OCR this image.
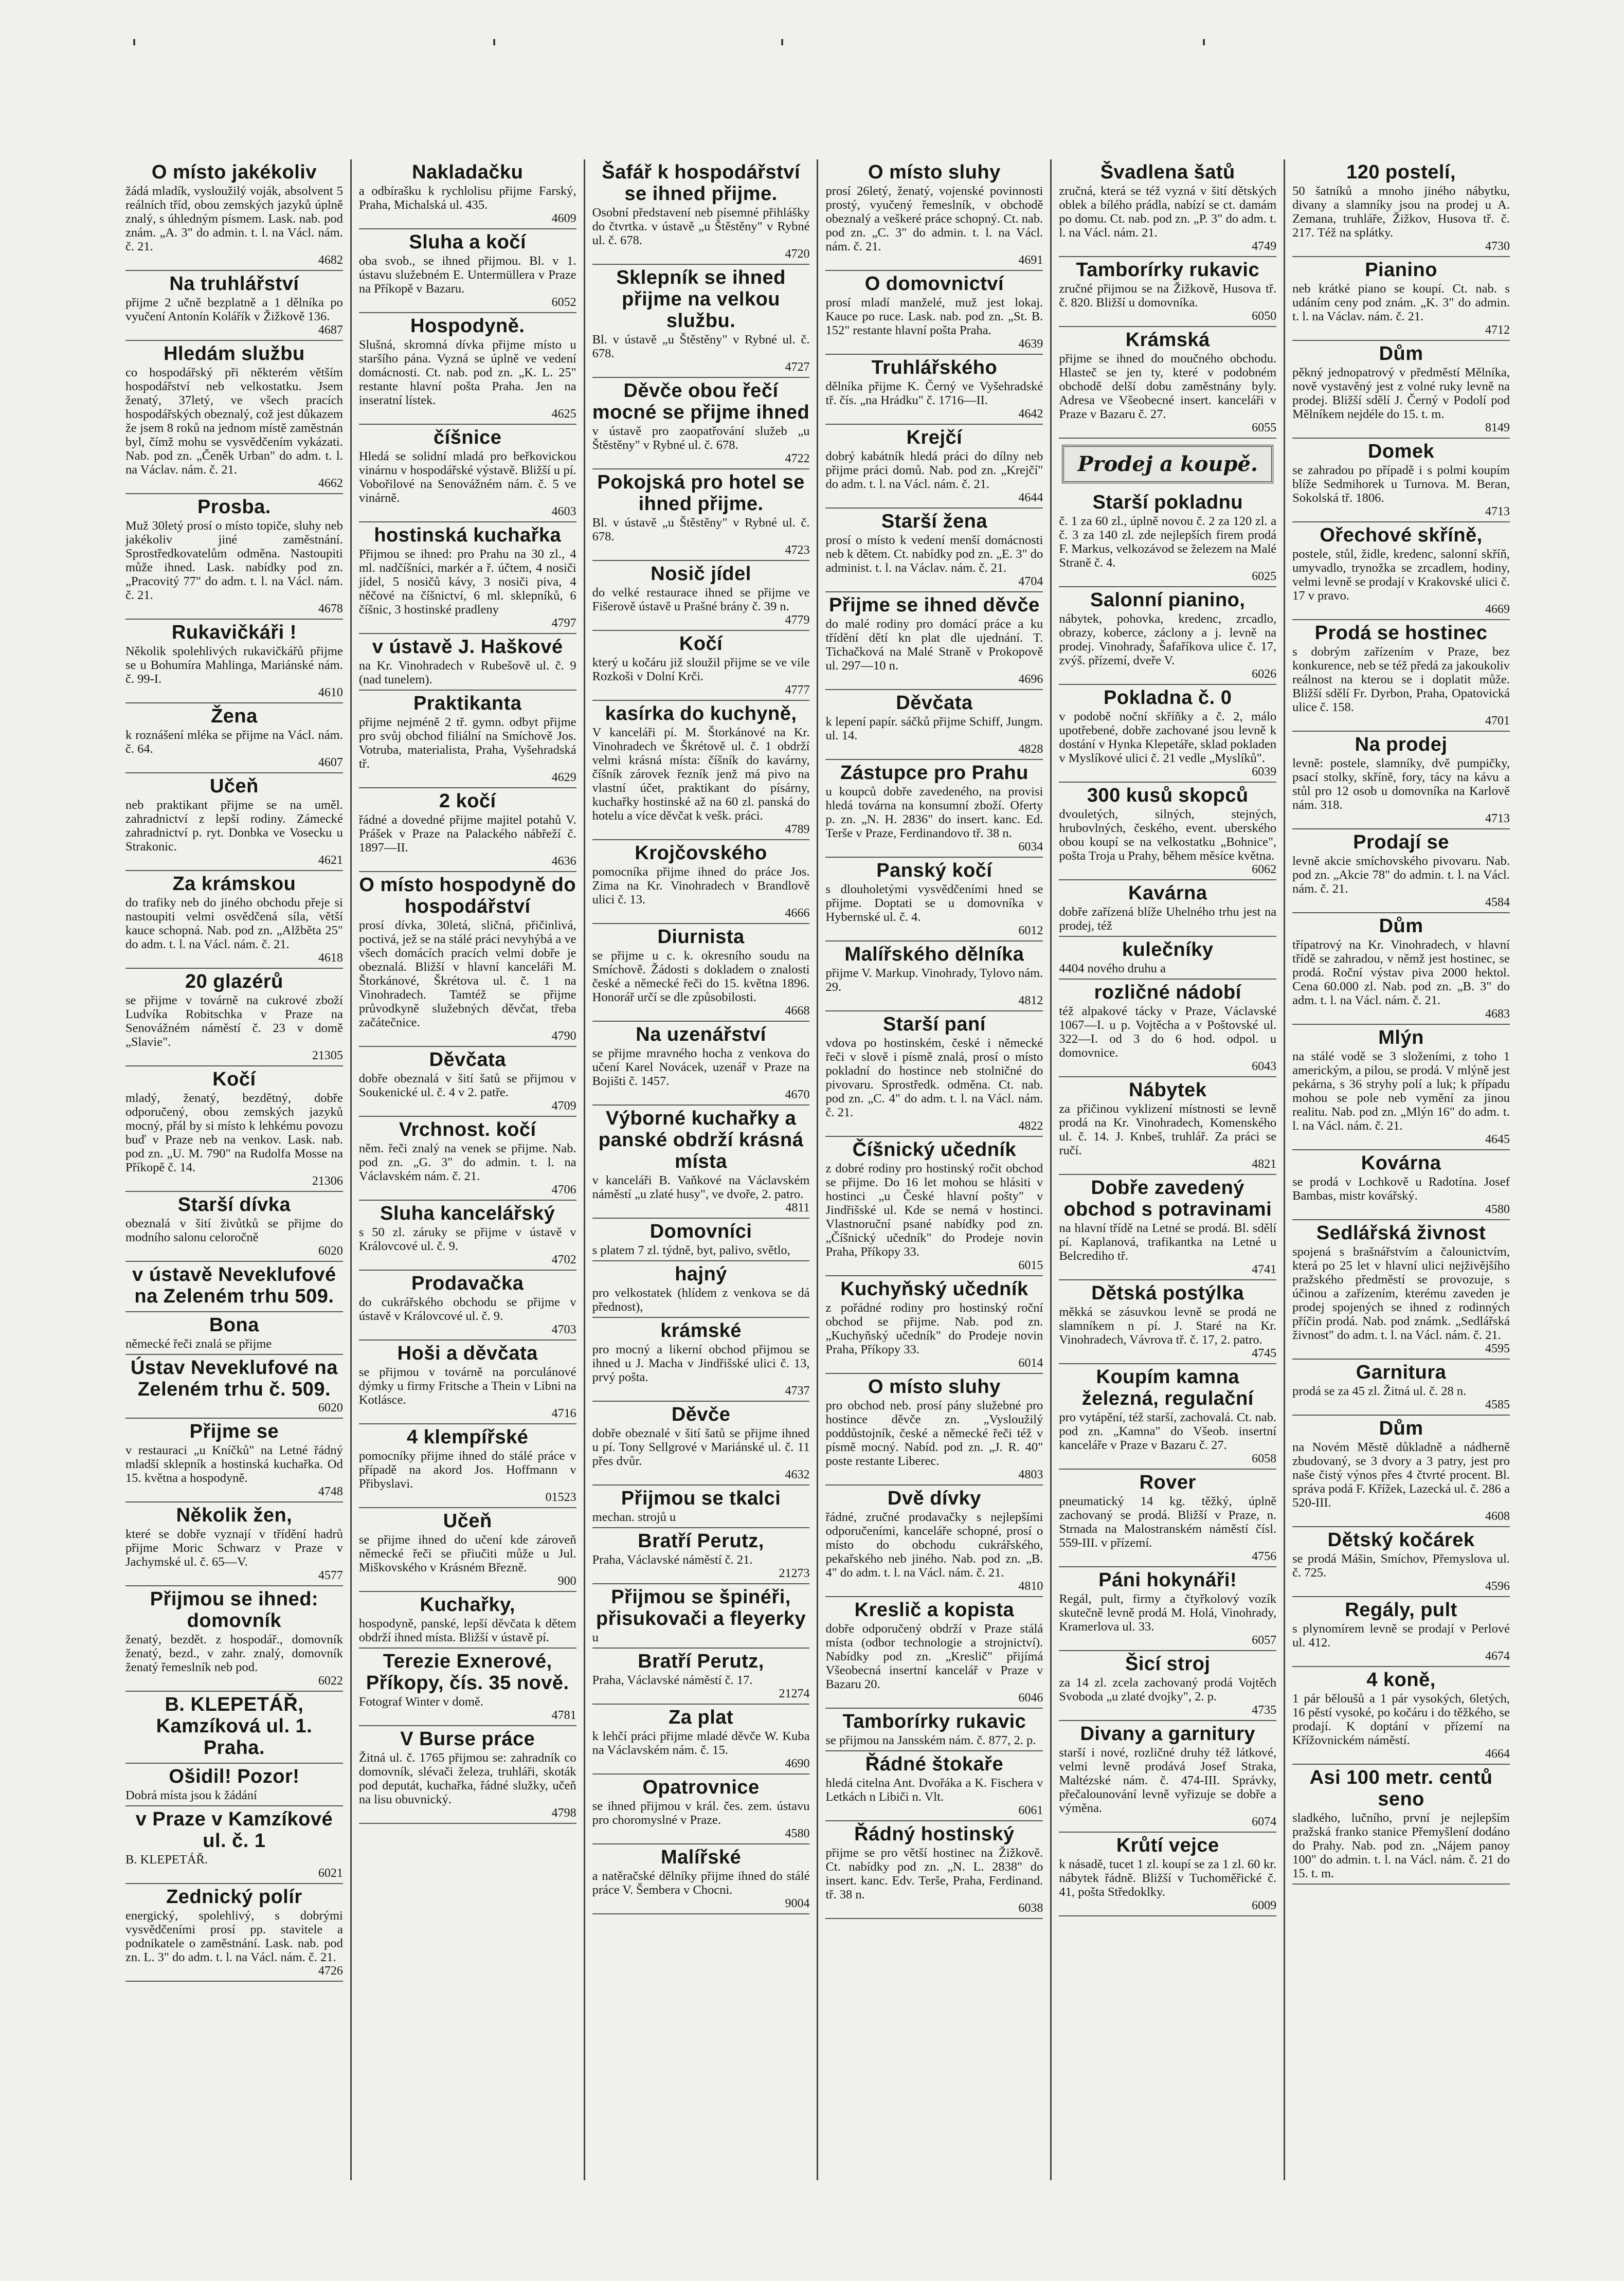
'	'	'	'
O místo jakékoliv

žádá mladík, vysloužilý voják, absolvent 5 reálních tříd, obou zemských jazyků úplně znalý, s úhledným písmem. Lask. nab. pod znám. „A. 3" do admin. t. l. na Václ. nám. č. 21.

4682

Na truhlářství

přijme 2 učně bezplatně a 1 dělníka po vyučení Antonín Kolářík v Žižkově 136.

4687

Hledám službu

co hospodářský při některém větším hospodářství neb velkostatku. Jsem ženatý, 37letý, ve všech pracích hospodářských obeznalý, což jest důkazem že jsem 8 roků na jednom místě zaměstnán byl, čímž mohu se vysvědčením vykázati. Nab. pod zn. „Čeněk Urban" do adm. t. l. na Václav. nám. č. 21.

4662

Prosba.

Muž 30letý prosí o místo topiče, sluhy neb jakékoliv jiné zaměstnání. Sprostředkovatelům odměna. Nastoupiti může ihned. Lask. nabídky pod zn. „Pracovitý 77" do adm. t. l. na Václ. nám. č. 21.

4678

Rukavičkáři !

Několik spolehlivých rukavičkářů přijme se u Bohumíra Mahlinga, Mariánské nám. č. 99-I.

4610

Žena

k roznášení mléka se přijme na Václ. nám. č. 64.

4607

Učeň

neb praktikant přijme se na uměl. zahradnictví z lepší rodiny. Zámecké zahradnictví p. ryt. Donbka ve Vosecku u Strakonic.

4621

Za krámskou

do trafiky neb do jiného obchodu přeje si nastoupiti velmi osvědčená síla, větší kauce schopná. Nab. pod zn. „Alžběta 25" do adm. t. l. na Václ. nám. č. 21.

4618

20 glazérů

se přijme v továrně na cukrové zboží Ludvíka Robitschka v Praze na Senovážném náměstí č. 23 v domě „Slavie".

21305

Kočí

mladý, ženatý, bezdětný, dobře odporučený, obou zemských jazyků mocný, přál by si místo k lehkému povozu buď v Praze neb na venkov. Lask. nab. pod zn. „U. M. 790" na Rudolfa Mosse na Příkopě č. 14.

21306

Starší dívka

obeznalá v šití živůtků se přijme do modního salonu celoročně

6020

v ústavě Neveklufové na Zeleném trhu 509.
Bona

německé řeči znalá se přijme

Ústav Neveklufové na Zeleném trhu č. 509.

6020

Přijme se

v restauraci „u Kníčků" na Letné řádný mladší sklepník a hostinská kuchařka. Od 15. května a hospodyně.

4748

Několik žen,

které se dobře vyznají v třídění hadrů přijme Moric Schwarz v Praze v Jachymské ul. č. 65—V.

4577

Přijmou se ihned: domovník

ženatý, bezdět. z hospodář., domovník ženatý, bezd., v zahr. znalý, domovník ženatý řemeslník neb pod.

6022

B. KLEPETÁŘ, Kamzíková ul. 1. Praha.
Ošidil! Pozor!

Dobrá místa jsou k žádání

v Praze v Kamzíkové ul. č. 1

B. KLEPETÁŘ.

6021

Zednický polír

energický, spolehlivý, s dobrými vysvědčeními prosí pp. stavitele a podnikatele o zaměstnání. Lask. nab. pod zn. L. 3" do adm. t. l. na Václ. nám. č. 21.

4726

Nakladačku

a odbírašku k rychlolisu přijme Farský, Praha, Michalská ul. 435.

4609

Sluha a kočí

oba svob., se ihned přijmou. Bl. v 1. ústavu služebném E. Untermüllera v Praze na Příkopě v Bazaru.

6052

Hospodyně.

Slušná, skromná dívka přijme místo u staršího pána. Vyzná se úplně ve vedení domácnosti. Ct. nab. pod zn. „K. L. 25" restante hlavní pošta Praha. Jen na inseratní lístek.

4625

číšnice

Hledá se solidní mladá pro beřkovickou vinárnu v hospodářské výstavě. Bližší u pí. Vobořilové na Senovážném nám. č. 5 ve vinárně.

4603

hostinská kuchařka

Přijmou se ihned: pro Prahu na 30 zl., 4 ml. nadčíšníci, markér a ř. účtem, 4 nosiči jídel, 5 nosičů kávy, 3 nosiči piva, 4 něčové na číšnictví, 6 ml. sklepníků, 6 číšnic, 3 hostinské pradleny

4797

v ústavě J. Haškové

na Kr. Vinohradech v Rubešově ul. č. 9 (nad tunelem).

Praktikanta

přijme nejméně 2 tř. gymn. odbyt přijme pro svůj obchod filiální na Smíchově Jos. Votruba, materialista, Praha, Vyšehradská tř.

4629

2 kočí

řádné a dovedné přijme majitel potahů V. Prášek v Praze na Palackého nábřeží č. 1897—II.

4636

O místo hospodyně do hospodářství

prosí dívka, 30letá, sličná, přičinlivá, poctivá, jež se na stálé práci nevyhýbá a ve všech domácích pracích velmi dobře je obeznalá. Bližší v hlavní kanceláři M. Štorkánové, Škrétova ul. č. 1 na Vinohradech. Tamtéž se přijme průvodkyně služebných děvčat, třeba začátečnice.

4790

Děvčata

dobře obeznalá v šití šatů se přijmou v Soukenické ul. č. 4 v 2. patře.

4709

Vrchnost. kočí

něm. řeči znalý na venek se přijme. Nab. pod zn. „G. 3" do admin. t. l. na Václavském nám. č. 21.

4706

Sluha kancelářský

s 50 zl. záruky se přijme v ústavě v Královcové ul. č. 9.

4702

Prodavačka

do cukrářského obchodu se přijme v ústavě v Královcové ul. č. 9.

4703

Hoši a děvčata

se přijmou v továrně na porculánové dýmky u firmy Fritsche a Thein v Libni na Kotlásce.

4716

4 klempířské

pomocníky přijme ihned do stálé práce v případě na akord Jos. Hoffmann v Přibyslavi.

01523

Učeň

se přijme ihned do učení kde zároveň německé řeči se přiučiti může u Jul. Miškovského v Krásném Březně.

900

Kuchařky,

hospodyně, panské, lepší děvčata k dětem obdrží ihned místa. Bližší v ústavě pí.

Terezie Exnerové, Příkopy, čís. 35 nově.

Fotograf Winter v domě.

4781

V Burse práce

Žitná ul. č. 1765 přijmou se: zahradník co domovník, slévači železa, truhláři, skoták pod deputát, kuchařka, řádné služky, učeň na lisu obuvnický.

4798

Šafář k hospodářství se ihned přijme.

Osobní představení neb písemné přihlášky do čtvrtka. v ústavě „u Štěstěny" v Rybné ul. č. 678.

4720

Sklepník se ihned přijme na velkou službu.

Bl. v ústavě „u Štěstěny" v Rybné ul. č. 678.

4727

Děvče obou řečí mocné se přijme ihned

v ústavě pro zaopatřování služeb „u Štěstěny" v Rybné ul. č. 678.

4722

Pokojská pro hotel se ihned přijme.

Bl. v ústavě „u Štěstěny" v Rybné ul. č. 678.

4723

Nosič jídel

do velké restaurace ihned se přijme ve Fišerově ústavě u Prašné brány č. 39 n.

4779

Kočí

který u kočáru již sloužil přijme se ve vile Rozkoši v Dolní Krči.

4777

kasírka do kuchyně,

V kanceláři pí. M. Štorkánové na Kr. Vinohradech ve Škrétově ul. č. 1 obdrží velmi krásná místa: číšník do kavárny, číšník zárovek řezník jenž má pivo na vlastní účet, praktikant do písárny, kuchařky hostinské až na 60 zl. panská do hotelu a více děvčat k vešk. práci.

4789

Krojčovského

pomocníka přijme ihned do práce Jos. Zima na Kr. Vinohradech v Brandlově ulici č. 13.

4666

Diurnista

se přijme u c. k. okresního soudu na Smíchově. Žádosti s dokladem o znalosti české a německé řeči do 15. května 1896. Honorář určí se dle způsobilosti.

4668

Na uzenářství

se přijme mravného hocha z venkova do učení Karel Novácek, uzenář v Praze na Bojišti č. 1457.

4670

Výborné kuchařky a panské obdrží krásná místa

v kanceláři B. Vaňkové na Václavském náměstí „u zlaté husy", ve dvoře, 2. patro.

4811

Domovníci

s platem 7 zl. týdně, byt, palivo, světlo,

hajný

pro velkostatek (hlídem z venkova se dá přednost),

krámské

pro mocný a likerní obchod přijmou se ihned u J. Macha v Jindřišské ulici č. 13, prvý pošta.

4737

Děvče

dobře obeznalé v šití šatů se přijme ihned u pí. Tony Sellgrové v Mariánské ul. č. 11 přes dvůr.

4632

Přijmou se tkalci

mechan. strojů u

Bratří Perutz,

Praha, Václavské náměstí č. 21.

21273

Přijmou se špinéři, přisukovači a fleyerky

u

Bratří Perutz,

Praha, Václavské náměstí č. 17.

21274

Za plat

k lehčí práci přijme mladé děvče W. Kuba na Václavském nám. č. 15.

4690

Opatrovnice

se ihned přijmou v král. čes. zem. ústavu pro choromyslné v Praze.

4580

Malířské

a natěračské dělníky přijme ihned do stálé práce V. Šembera v Chocni.

9004

O místo sluhy

prosí 26letý, ženatý, vojenské povinnosti prostý, vyučený řemeslník, v obchodě obeznalý a veškeré práce schopný. Ct. nab. pod zn. „C. 3" do admin. t. l. na Václ. nám. č. 21.

4691

O domovnictví

prosí mladí manželé, muž jest lokaj. Kauce po ruce. Lask. nab. pod zn. „St. B. 152" restante hlavní pošta Praha.

4639

Truhlářského

dělníka přijme K. Černý ve Vyšehradské tř. čís. „na Hrádku" č. 1716—II.

4642

Krejčí

dobrý kabátník hledá práci do dílny neb přijme práci domů. Nab. pod zn. „Krejčí" do adm. t. l. na Václ. nám. č. 21.

4644

Starší žena

prosí o místo k vedení menší domácnosti neb k dětem. Ct. nabídky pod zn. „E. 3" do administ. t. l. na Václav. nám. č. 21.

4704

Přijme se ihned děvče

do malé rodiny pro domácí práce a ku třídění dětí kn plat dle ujednání. T. Tichačková na Malé Straně v Prokopově ul. 297—10 n.

4696

Děvčata

k lepení papír. sáčků přijme Schiff, Jungm. ul. 14.

4828

Zástupce pro Prahu

u koupců dobře zavedeného, na provisi hledá továrna na konsumní zboží. Oferty p. zn. „N. H. 2836" do insert. kanc. Ed. Terše v Praze, Ferdinandovo tř. 38 n.

6034

Panský kočí

s dlouholetými vysvědčeními hned se přijme. Doptati se u domovníka v Hybernské ul. č. 4.

6012

Malířského dělníka

přijme V. Markup. Vinohrady, Tylovo nám. 29.

4812

Starší paní

vdova po hostinském, české i německé řeči v slově i písmě znalá, prosí o místo pokladní do hostince neb stolničné do pivovaru. Sprostředk. odměna. Ct. nab. pod zn. „C. 4" do adm. t. l. na Václ. nám. č. 21.

4822

Číšnický učedník

z dobré rodiny pro hostinský ročit obchod se přijme. Do 16 let mohou se hlásiti v hostinci „u České hlavní pošty" v Jindřišské ul. Kde se nemá v hostinci. Vlastnoruční psané nabídky pod zn. „Číšnický učedník" do Prodeje novin Praha, Příkopy 33.

6015

Kuchyňský učedník

z pořádné rodiny pro hostinský roční obchod se přijme. Nab. pod zn. „Kuchyňský učedník" do Prodeje novin Praha, Příkopy 33.

6014

O místo sluhy

pro obchod neb. prosí pány služebné pro hostince děvče zn. „Vysloužilý poddůstojník, české a německé řeči též v písmě mocný. Nabíd. pod zn. „J. R. 40" poste restante Liberec.

4803

Dvě dívky

řádné, zručné prodavačky s nejlepšími odporučeními, kanceláře schopné, prosí o místo do obchodu cukrářského, pekařského neb jiného. Nab. pod zn. „B. 4" do adm. t. l. na Václ. nám. č. 21.

4810

Kreslič a kopista

dobře odporučený obdrží v Praze stálá místa (odbor technologie a strojnictví). Nabídky pod zn. „Kreslič" přijímá Všeobecná insertní kancelář v Praze v Bazaru 20.

6046

Tamborírky rukavic

se přijmou na Jansském nám. č. 877, 2. p.

Řádné štokaře

hledá citelna Ant. Dvořáka a K. Fischera v Letkách n Libiči n. Vlt.

6061

Řádný hostinský

přijme se pro větší hostinec na Žižkově. Ct. nabídky pod zn. „N. L. 2838" do insert. kanc. Edv. Terše, Praha, Ferdinand. tř. 38 n.

6038

Švadlena šatů

zručná, která se též vyzná v šití dětských oblek a bílého prádla, nabízí se ct. damám po domu. Ct. nab. pod zn. „P. 3" do adm. t. l. na Václ. nám. 21.

4749

Tamborírky rukavic

zručné přijmou se na Žižkově, Husova tř. č. 820. Bližší u domovníka.

6050

Krámská

přijme se ihned do moučného obchodu. Hlasteč se jen ty, které v podobném obchodě delší dobu zaměstnány byly. Adresa ve Všeobecné insert. kanceláři v Praze v Bazaru č. 27.

6055

Prodej a koupě.
Starší pokladnu

č. 1 za 60 zl., úplně novou č. 2 za 120 zl. a č. 3 za 140 zl. zde nejlepších firem prodá F. Markus, velkozávod se železem na Malé Straně č. 4.

6025

Salonní pianino,

nábytek, pohovka, kredenc, zrcadlo, obrazy, koberce, záclony a j. levně na prodej. Vinohrady, Šafaříkova ulice č. 17, zvýš. přízemí, dveře V.

6026

Pokladna č. 0

v podobě noční skříňky a č. 2, málo upotřebené, dobře zachované jsou levně k dostání v Hynka Klepetáře, sklad pokladen v Myslíkové ulici č. 21 vedle „Myslíků".

6039

300 kusů skopců

dvouletých, silných, stejných, hrubovlných, českého, event. uberského obou koupí se na velkostatku „Bohnice", pošta Troja u Prahy, během měsíce května.

6062

Kavárna

dobře zařízená blíže Uhelného trhu jest na prodej, též

kulečníky

4404 nového druhu a

rozličné nádobí

též alpakové tácky v Praze, Václavské 1067—I. u p. Vojtěcha a v Poštovské ul. 322—I. od 3 do 6 hod. odpol. u domovnice.

6043

Nábytek

za přičinou vyklizení místnosti se levně prodá na Kr. Vinohradech, Komenského ul. č. 14. J. Knbeš, truhlář. Za práci se ručí.

4821

Dobře zavedený obchod s potravinami

na hlavní třídě na Letné se prodá. Bl. sdělí pí. Kaplanová, trafikantka na Letné u Belcrediho tř.

4741

Dětská postýlka

měkká se zásuvkou levně se prodá ne slamníkem n pí. J. Staré na Kr. Vinohradech, Vávrova tř. č. 17, 2. patro.

4745

Koupím kamna železná, regulační

pro vytápění, též starší, zachovalá. Ct. nab. pod zn. „Kamna" do Všeob. insertní kanceláře v Praze v Bazaru č. 27.

6058

Rover

pneumatický 14 kg. těžký, úplně zachovaný se prodá. Bližší v Praze, n. Strnada na Malostranském náměstí čísl. 559-III. v přízemí.

4756

Páni hokynáři!

Regál, pult, firmy a čtyřkolový vozík skutečně levně prodá M. Holá, Vinohrady, Kramerlova ul. 33.

6057

Šicí stroj

za 14 zl. zcela zachovaný prodá Vojtěch Svoboda „u zlaté dvojky", 2. p.

4735

Divany a garnitury

starší i nové, rozličné druhy též látkové, velmi levně prodává Josef Straka, Maltézské nám. č. 474-III. Správky, přečalounování levně vyřizuje se dobře a výměna.

6074

Krůtí vejce

k násadě, tucet 1 zl. koupí se za 1 zl. 60 kr. nábytek řádně. Bližší v Tuchoměřické č. 41, pošta Středoklky.

6009

120 postelí,

50 šatníků a mnoho jiného nábytku, divany a slamníky jsou na prodej u A. Zemana, truhláře, Žižkov, Husova tř. č. 217. Též na splátky.

4730

Pianino

neb krátké piano se koupí. Ct. nab. s udáním ceny pod znám. „K. 3" do admin. t. l. na Václav. nám. č. 21.

4712

Dům

pěkný jednopatrový v předměstí Mělníka, nově vystavěný jest z volné ruky levně na prodej. Bližší sdělí J. Černý v Podolí pod Mělníkem nejdéle do 15. t. m.

8149

Domek

se zahradou po případě i s polmi koupím blíže Sedmihorek u Turnova. M. Beran, Sokolská tř. 1806.

4713

Ořechové skříně,

postele, stůl, židle, kredenc, salonní skříň, umyvadlo, trynožka se zrcadlem, hodiny, velmi levně se prodají v Krakovské ulici č. 17 v pravo.

4669

Prodá se hostinec

s dobrým zařízením v Praze, bez konkurence, neb se též předá za jakoukoliv reálnost na kterou se i doplatit může. Bližší sdělí Fr. Dyrbon, Praha, Opatovická ulice č. 158.

4701

Na prodej

levně: postele, slamníky, dvě pumpičky, psací stolky, skříně, fory, tácy na kávu a stůl pro 12 osob u domovníka na Karlově nám. 318.

4713

Prodají se

levně akcie smíchovského pivovaru. Nab. pod zn. „Akcie 78" do admin. t. l. na Václ. nám. č. 21.

4584

Dům

třípatrový na Kr. Vinohradech, v hlavní třídě se zahradou, v němž jest hostinec, se prodá. Roční výstav piva 2000 hektol. Cena 60.000 zl. Nab. pod zn. „B. 3" do adm. t. l. na Václ. nám. č. 21.

4683

Mlýn

na stálé vodě se 3 složeními, z toho 1 americkým, a pilou, se prodá. V mlýně jest pekárna, s 36 stryhy polí a luk; k případu mohou se pole neb vymění za jinou realitu. Nab. pod zn. „Mlýn 16" do adm. t. l. na Václ. nám. č. 21.

4645

Kovárna

se prodá v Lochkově u Radotína. Josef Bambas, mistr kovářský.

4580

Sedlářská živnost

spojená s brašnářstvím a čalounictvím, která po 25 let v hlavní ulici nejživějšího pražského předměstí se provozuje, s účinou a zařízením, kterému zaveden je prodej spojených se ihned z rodinných příčin prodá. Nab. pod známk. „Sedlářská živnost" do adm. t. l. na Václ. nám. č. 21.

4595

Garnitura

prodá se za 45 zl. Žitná ul. č. 28 n.

4585

Dům

na Novém Městě důkladně a nádherně zbudovaný, se 3 dvory a 3 patry, jest pro naše čistý výnos přes 4 čtvrté procent. Bl. správa podá F. Křížek, Lazecká ul. č. 286 a 520-III.

4608

Dětský kočárek

se prodá Mášin, Smíchov, Přemyslova ul. č. 725.

4596

Regály, pult

s plynomírem levně se prodají v Perlové ul. 412.

4674

4 koně,

1 pár běloušů a 1 pár vysokých, 6letých, 16 pěstí vysoké, po kočáru i do těžkého, se prodají. K doptání v přízemí na Křížovnickém náměstí.

4664

Asi 100 metr. centů seno

sladkého, lučního, první je nejlepším pražská franko stanice Přemyšlení dodáno do Prahy. Nab. pod zn. „Nájem panoy 100" do admin. t. l. na Václ. nám. č. 21 do 15. t. m.
